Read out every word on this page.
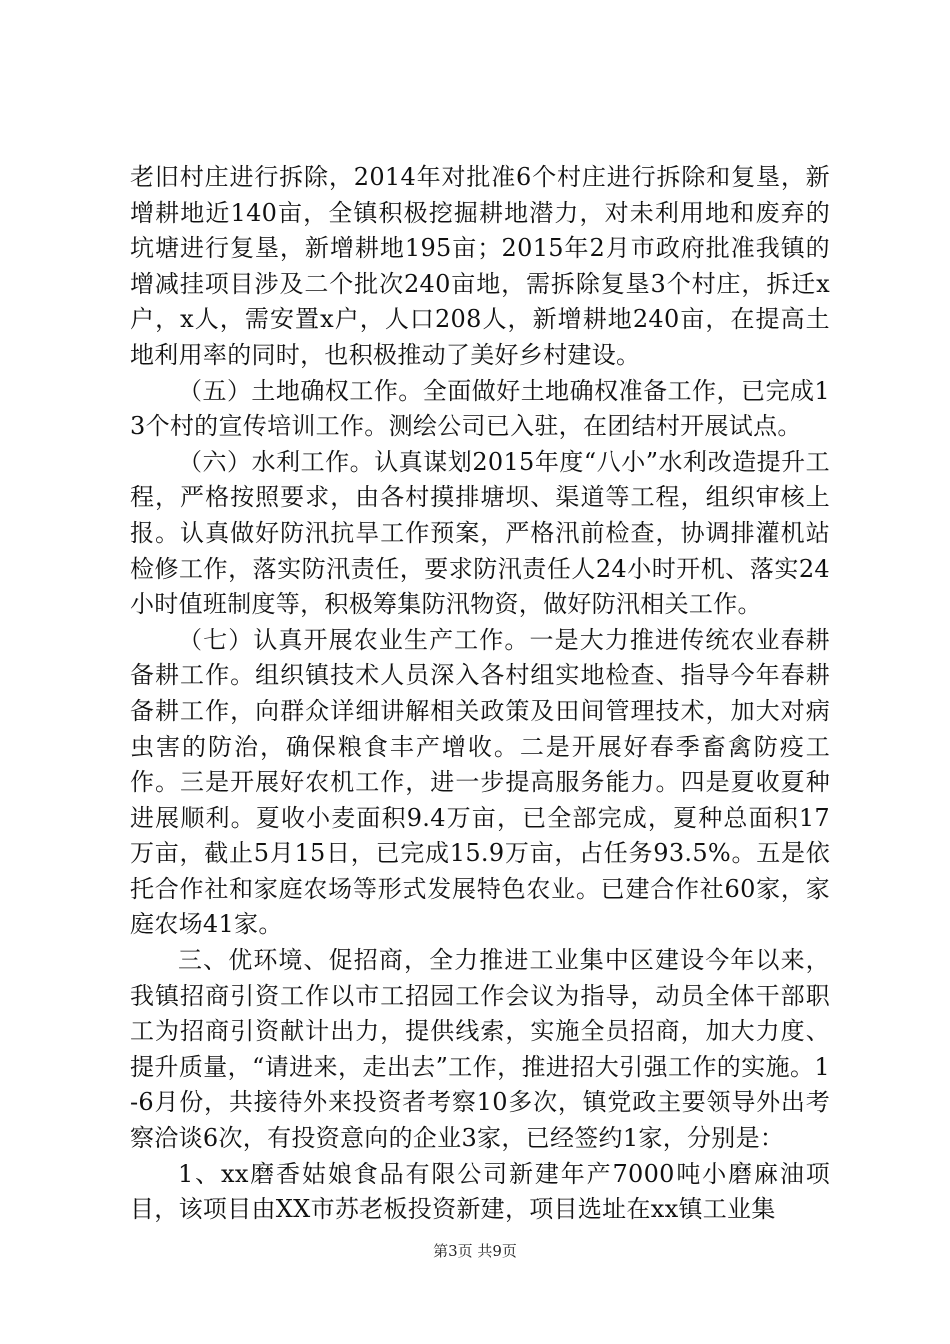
老旧村庄进行拆除，2014年对批准6个村庄进行拆除和复垦，新增耕地近140亩，全镇积极挖掘耕地潜力，对未利用地和废弃的坑塘进行复垦，新增耕地195亩；2015年2月市政府批准我镇的增减挂项目涉及二个批次240亩地，需拆除复垦3个村庄，拆迁x户，x人，需安置x户，人口208人，新增耕地240亩，在提高土地利用率的同时，也积极推动了美好乡村建设。

（五）土地确权工作。全面做好土地确权准备工作，已完成13个村的宣传培训工作。测绘公司已入驻，在团结村开展试点。

（六）水利工作。认真谋划2015年度“八小”水利改造提升工程，严格按照要求，由各村摸排塘坝、渠道等工程，组织审核上报。认真做好防汛抗旱工作预案，严格汛前检查，协调排灌机站检修工作，落实防汛责任，要求防汛责任人24小时开机、落实24小时值班制度等，积极筹集防汛物资，做好防汛相关工作。

（七）认真开展农业生产工作。一是大力推进传统农业春耕备耕工作。组织镇技术人员深入各村组实地检查、指导今年春耕备耕工作，向群众详细讲解相关政策及田间管理技术，加大对病虫害的防治，确保粮食丰产增收。二是开展好春季畜禽防疫工作。三是开展好农机工作，进一步提高服务能力。四是夏收夏种进展顺利。夏收小麦面积9.4万亩，已全部完成，夏种总面积17万亩，截止5月15日，已完成15.9万亩，占任务93.5%。五是依托合作社和家庭农场等形式发展特色农业。已建合作社60家，家庭农场41家。

三、优环境、促招商，全力推进工业集中区建设今年以来，我镇招商引资工作以市工招园工作会议为指导，动员全体干部职工为招商引资献计出力，提供线索，实施全员招商，加大力度、提升质量，“请进来，走出去”工作，推进招大引强工作的实施。1-6月份，共接待外来投资者考察10多次，镇党政主要领导外出考察洽谈6次，有投资意向的企业3家，已经签约1家，分别是：

1、xx磨香姑娘食品有限公司新建年产7000吨小磨麻油项目，该项目由XX市苏老板投资新建，项目选址在xx镇工业集

第3页 共9页
